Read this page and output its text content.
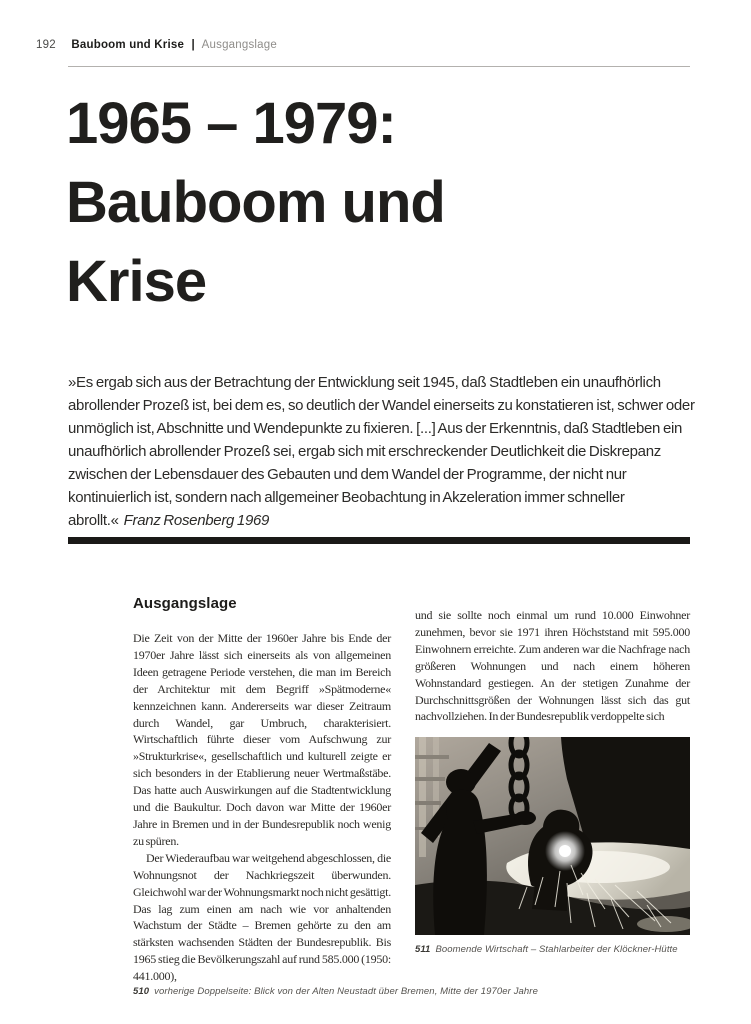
192 Bauboom und Krise | Ausgangslage
1965 – 1979:
Bauboom und
Krise

»Es ergab sich aus der Betrachtung der Entwicklung seit 1945, daß Stadtleben ein unaufhörlich abrollender Prozeß ist, bei dem es, so deutlich der Wandel einerseits zu konstatieren ist, schwer oder unmöglich ist, Abschnitte und Wendepunkte zu fixieren. [...] Aus der Erkenntnis, daß Stadtleben ein unaufhörlich abrollender Prozeß sei, ergab sich mit erschreckender Deutlichkeit die Diskrepanz zwischen der Lebensdauer des Gebauten und dem Wandel der Programme, der nicht nur kontinuierlich ist, sondern nach allgemeiner Beobachtung in Akzeleration immer schneller abrollt.« Franz Rosenberg 1969

Ausgangslage

Die Zeit von der Mitte der 1960er Jahre bis Ende der 1970er Jahre lässt sich einerseits als von allgemeinen Ideen getragene Periode verstehen, die man im Bereich der Architektur mit dem Begriff »Spätmoderne« kennzeichnen kann. Andererseits war dieser Zeitraum durch Wandel, gar Umbruch, charakterisiert. Wirtschaftlich führte dieser vom Aufschwung zur »Strukturkrise«, gesellschaftlich und kulturell zeigte er sich besonders in der Etablierung neuer Wertmaßstäbe. Das hatte auch Auswirkungen auf die Stadtentwicklung und die Baukultur. Doch davon war Mitte der 1960er Jahre in Bremen und in der Bundesrepublik noch wenig zu spüren.

Der Wiederaufbau war weitgehend abgeschlossen, die Wohnungsnot der Nachkriegszeit überwunden. Gleichwohl war der Wohnungsmarkt noch nicht gesättigt. Das lag zum einen am nach wie vor anhaltenden Wachstum der Städte – Bremen gehörte zu den am stärksten wachsenden Städten der Bundesrepublik. Bis 1965 stieg die Bevölkerungszahl auf rund 585.000 (1950: 441.000),

und sie sollte noch einmal um rund 10.000 Einwohner zunehmen, bevor sie 1971 ihren Höchststand mit 595.000 Einwohnern erreichte. Zum anderen war die Nachfrage nach größeren Wohnungen und nach einem höheren Wohnstandard gestiegen. An der stetigen Zunahme der Durchschnittsgrößen der Wohnungen lässt sich das gut nachvollziehen. In der Bundesrepublik verdoppelte sich

511 Boomende Wirtschaft – Stahlarbeiter der Klöckner-Hütte
510 vorherige Doppelseite: Blick von der Alten Neustadt über Bremen, Mitte der 1970er Jahre
